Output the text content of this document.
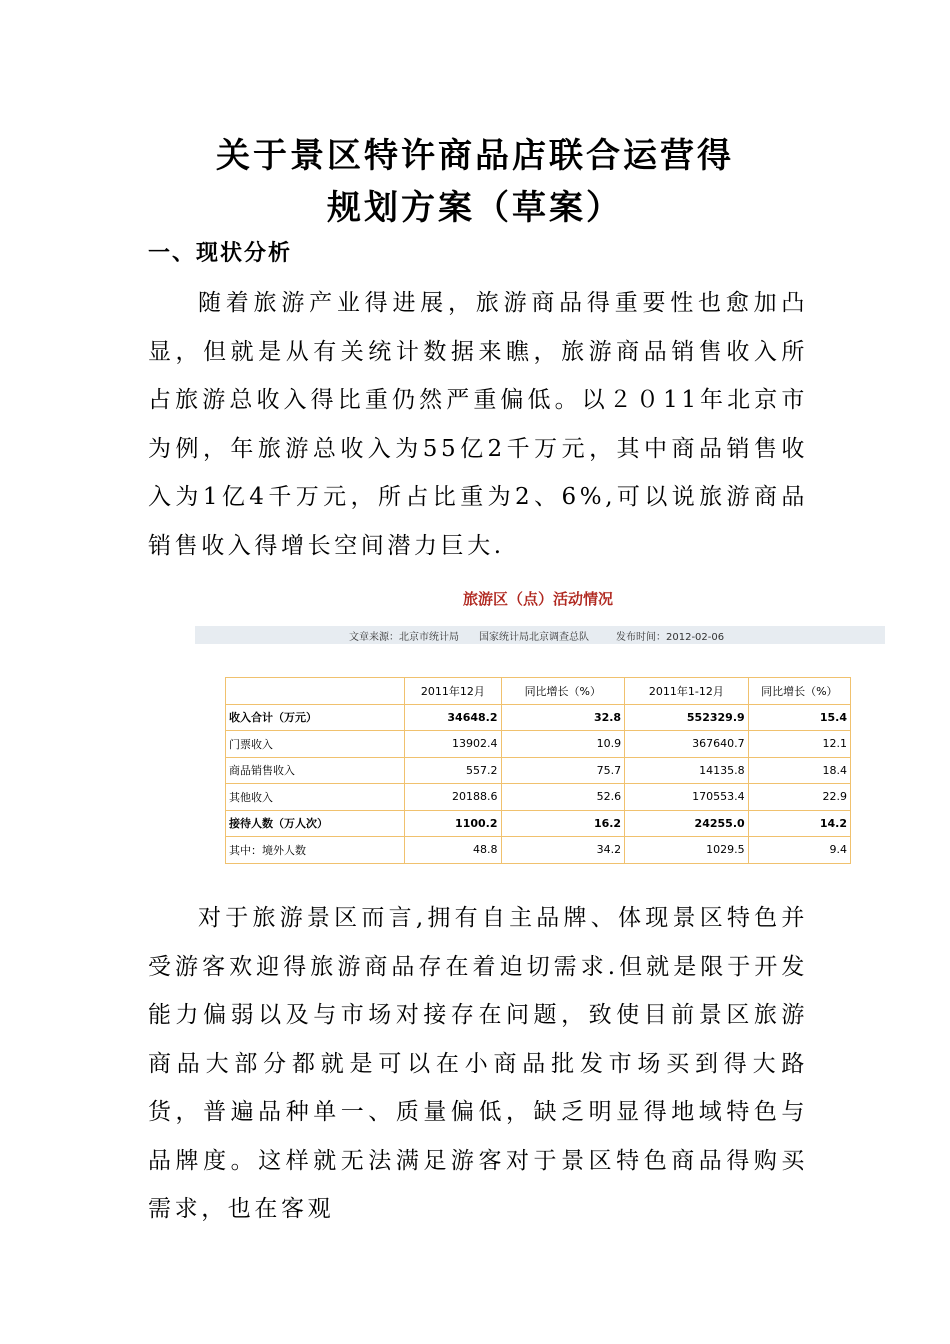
关于景区特许商品店联合运营得
规划方案（草案）
一、现状分析

随着旅游产业得进展，旅游商品得重要性也愈加凸显，但就是从有关统计数据来瞧，旅游商品销售收入所占旅游总收入得比重仍然严重偏低。以２０11年北京市为例，年旅游总收入为55亿2千万元，其中商品销售收入为1亿4千万元，所占比重为2、6%,可以说旅游商品销售收入得增长空间潜力巨大.

旅游区（点）活动情况
文章来源：北京市统计局 国家统计局北京调查总队	发布时间：2012-02-06
	2011年12月	同比增长（%）	2011年1-12月	同比增长（%）
收入合计（万元）	34648.2	32.8	552329.9	15.4
门票收入	13902.4	10.9	367640.7	12.1
商品销售收入	557.2	75.7	14135.8	18.4
其他收入	20188.6	52.6	170553.4	22.9
接待人数（万人次）	1100.2	16.2	24255.0	14.2
其中：境外人数	48.8	34.2	1029.5	9.4

对于旅游景区而言,拥有自主品牌、体现景区特色并受游客欢迎得旅游商品存在着迫切需求.但就是限于开发能力偏弱以及与市场对接存在问题，致使目前景区旅游商品大部分都就是可以在小商品批发市场买到得大路货，普遍品种单一、质量偏低，缺乏明显得地域特色与品牌度。这样就无法满足游客对于景区特色商品得购买需求，也在客观
